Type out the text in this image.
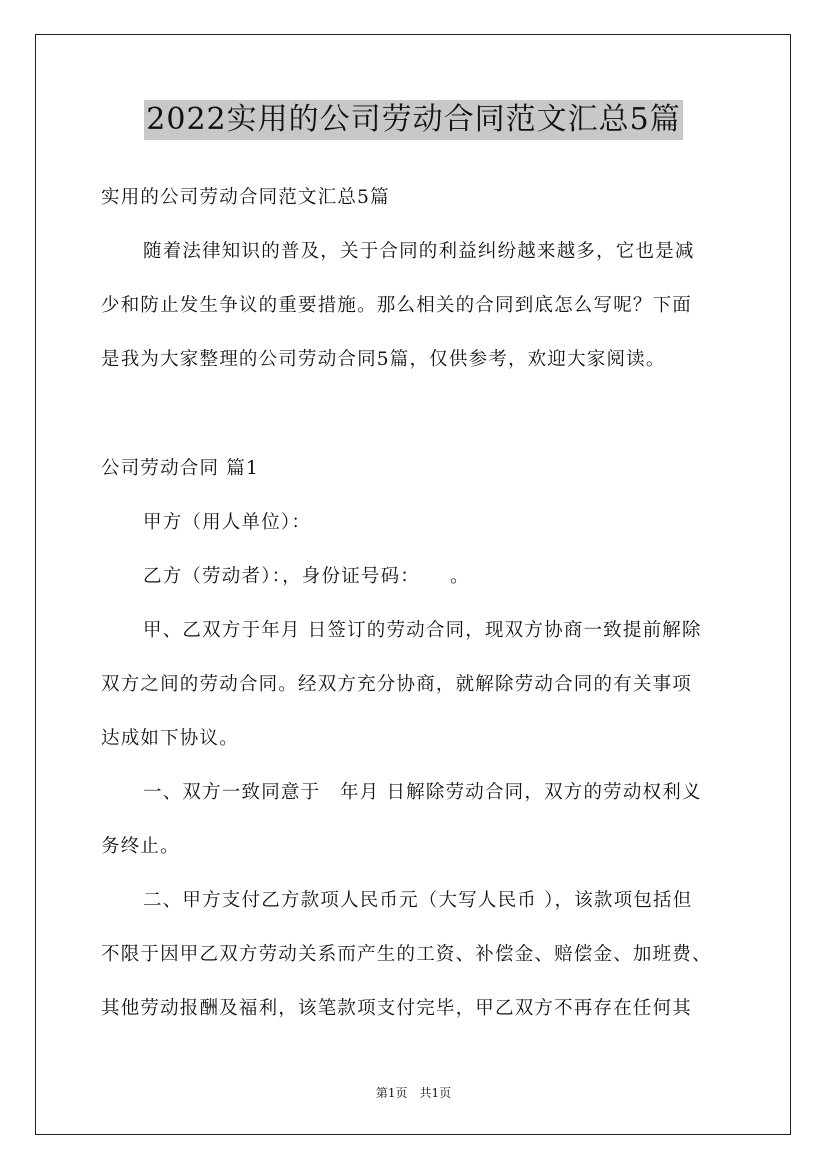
2022实用的公司劳动合同范文汇总5篇
实用的公司劳动合同范文汇总5篇
随着法律知识的普及，关于合同的利益纠纷越来越多，它也是减
少和防止发生争议的重要措施。那么相关的合同到底怎么写呢？下面
是我为大家整理的公司劳动合同5篇，仅供参考，欢迎大家阅读。
公司劳动合同 篇1
甲方（用人单位）：
乙方（劳动者）：，身份证号码：　　。
甲、乙双方于年月 日签订的劳动合同，现双方协商一致提前解除
双方之间的劳动合同。经双方充分协商，就解除劳动合同的有关事项
达成如下协议。
一、双方一致同意于　年月 日解除劳动合同，双方的劳动权利义
务终止。
二、甲方支付乙方款项人民币元（大写人民币 ），该款项包括但
不限于因甲乙双方劳动关系而产生的工资、补偿金、赔偿金、加班费、
其他劳动报酬及福利，该笔款项支付完毕，甲乙双方不再存在任何其
第1页　共1页
